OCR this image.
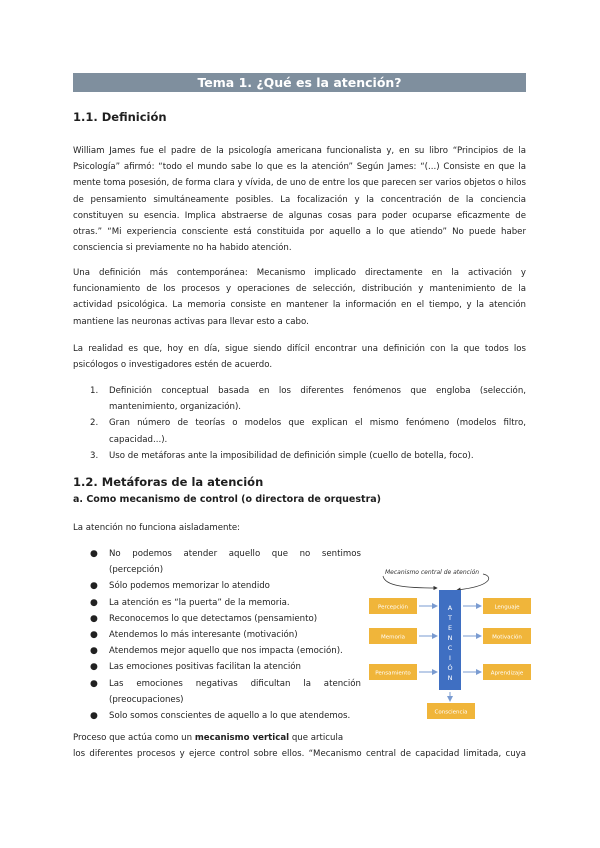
Tema 1. ¿Qué es la atención?
1.1. Definición
William James fue el padre de la psicología americana funcionalista y, en su libro “Principios de la Psicología” afirmó: “todo el mundo sabe lo que es la atención” Según James: “(...) Consiste en que la mente toma posesión, de forma clara y vívida, de uno de entre los que parecen ser varios objetos o hilos de pensamiento simultáneamente posibles. La focalización y la concentración de la conciencia constituyen su esencia. Implica abstraerse de algunas cosas para poder ocuparse eficazmente de otras.” “Mi experiencia consciente está constituida por aquello a lo que atiendo” No puede haber consciencia si previamente no ha habido atención.
Una definición más contemporánea: Mecanismo implicado directamente en la activación y funcionamiento de los procesos y operaciones de selección, distribución y mantenimiento de la actividad psicológica. La memoria consiste en mantener la información en el tiempo, y la atención mantiene las neuronas activas para llevar esto a cabo.
La realidad es que, hoy en día, sigue siendo difícil encontrar una definición con la que todos los psicólogos o investigadores estén de acuerdo.
1. Definición conceptual basada en los diferentes fenómenos que engloba (selección, mantenimiento, organización).
2. Gran número de teorías o modelos que explican el mismo fenómeno (modelos filtro, capacidad...).
3. Uso de metáforas ante la imposibilidad de definición simple (cuello de botella, foco).
1.2. Metáforas de la atención
a. Como mecanismo de control (o directora de orquestra)
La atención no funciona aisladamente:
● No podemos atender aquello que no sentimos (percepción)
● Sólo podemos memorizar lo atendido
● La atención es “la puerta” de la memoria.
● Reconocemos lo que detectamos (pensamiento)
● Atendemos lo más interesante (motivación)
● Atendemos mejor aquello que nos impacta (emoción).
● Las emociones positivas facilitan la atención
● Las emociones negativas dificultan la atención (preocupaciones)
● Solo somos conscientes de aquello a lo que atendemos.
Mecanismo central de atención
A
T
E
N
C
I
Ó
N
Percepción
Memoria
Pensamiento
Lenguaje
Motivación
Aprendizaje
Consciencia
Proceso que actúa como un mecanismo vertical que articula
los diferentes procesos y ejerce control sobre ellos. “Mecanismo central de capacidad limitada, cuya
